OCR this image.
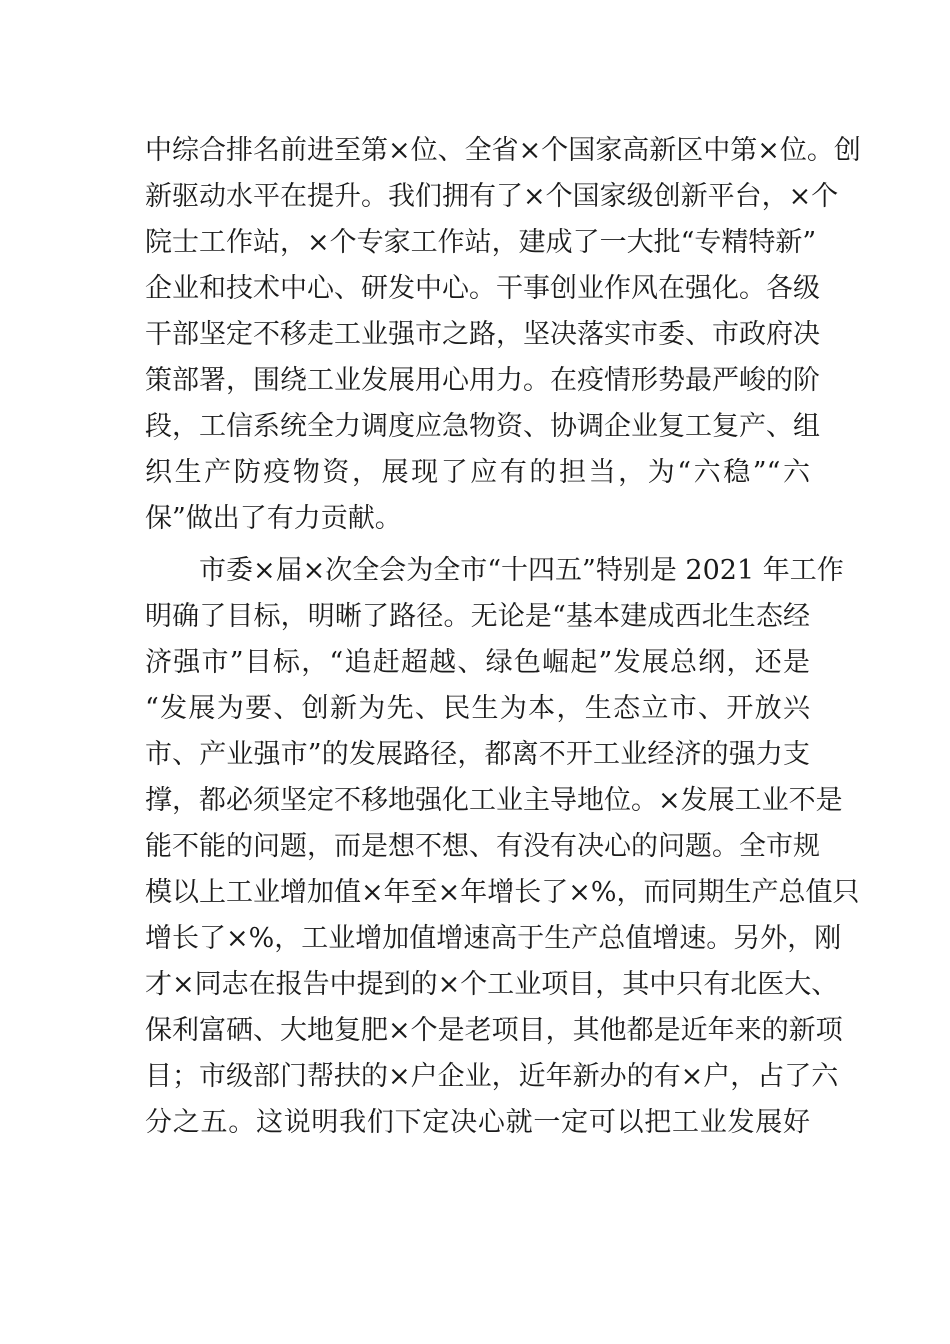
中综合排名前进至第×位、全省×个国家高新区中第×位。创
新驱动水平在提升。我们拥有了×个国家级创新平台，×个
院士工作站，×个专家工作站，建成了一大批“专精特新”
企业和技术中心、研发中心。干事创业作风在强化。各级
干部坚定不移走工业强市之路，坚决落实市委、市政府决
策部署，围绕工业发展用心用力。在疫情形势最严峻的阶
段，工信系统全力调度应急物资、协调企业复工复产、组
织生产防疫物资，展现了应有的担当，为“六稳”“六
保”做出了有力贡献。
市委×届×次全会为全市“十四五”特别是 2021 年工作
明确了目标，明晰了路径。无论是“基本建成西北生态经
济强市”目标，“追赶超越、绿色崛起”发展总纲，还是
“发展为要、创新为先、民生为本，生态立市、开放兴
市、产业强市”的发展路径，都离不开工业经济的强力支
撑，都必须坚定不移地强化工业主导地位。×发展工业不是
能不能的问题，而是想不想、有没有决心的问题。全市规
模以上工业增加值×年至×年增长了×%，而同期生产总值只
增长了×%，工业增加值增速高于生产总值增速。另外，刚
才×同志在报告中提到的×个工业项目，其中只有北医大、
保利富硒、大地复肥×个是老项目，其他都是近年来的新项
目；市级部门帮扶的×户企业，近年新办的有×户，占了六
分之五。这说明我们下定决心就一定可以把工业发展好
